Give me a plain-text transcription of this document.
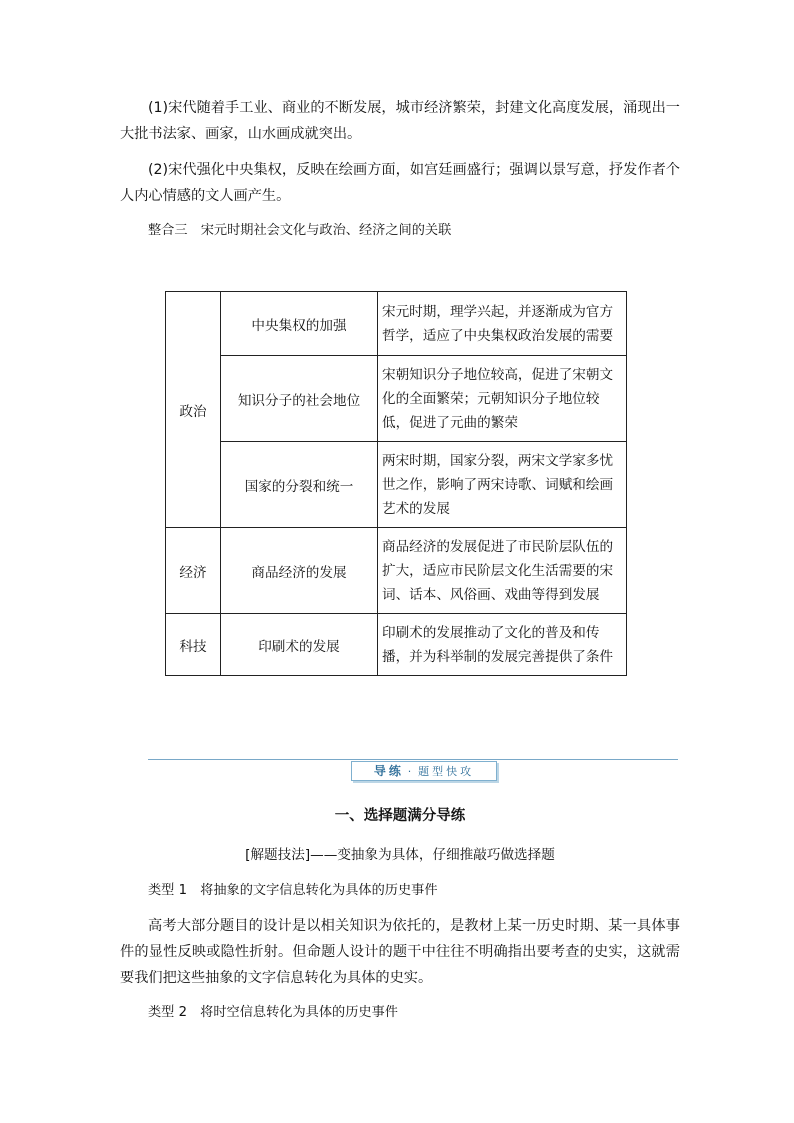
(1)宋代随着手工业、商业的不断发展，城市经济繁荣，封建文化高度发展，涌现出一大批书法家、画家，山水画成就突出。

(2)宋代强化中央集权，反映在绘画方面，如宫廷画盛行；强调以景写意，抒发作者个人内心情感的文人画产生。

整合三　宋元时期社会文化与政治、经济之间的关联

政治	中央集权的加强	宋元时期，理学兴起，并逐渐成为官方哲学，适应了中央集权政治发展的需要
	知识分子的社会地位	宋朝知识分子地位较高，促进了宋朝文化的全面繁荣；元朝知识分子地位较低，促进了元曲的繁荣
	国家的分裂和统一	两宋时期，国家分裂，两宋文学家多忧世之作，影响了两宋诗歌、词赋和绘画艺术的发展
经济	商品经济的发展	商品经济的发展促进了市民阶层队伍的扩大，适应市民阶层文化生活需要的宋词、话本、风俗画、戏曲等得到发展
科技	印刷术的发展	印刷术的发展推动了文化的普及和传播，并为科举制的发展完善提供了条件
导练 · 题型快攻

一、选择题满分导练

[解题技法]——变抽象为具体，仔细推敲巧做选择题

类型 1　将抽象的文字信息转化为具体的历史事件

高考大部分题目的设计是以相关知识为依托的，是教材上某一历史时期、某一具体事件的显性反映或隐性折射。但命题人设计的题干中往往不明确指出要考查的史实，这就需要我们把这些抽象的文字信息转化为具体的史实。

类型 2　将时空信息转化为具体的历史事件
